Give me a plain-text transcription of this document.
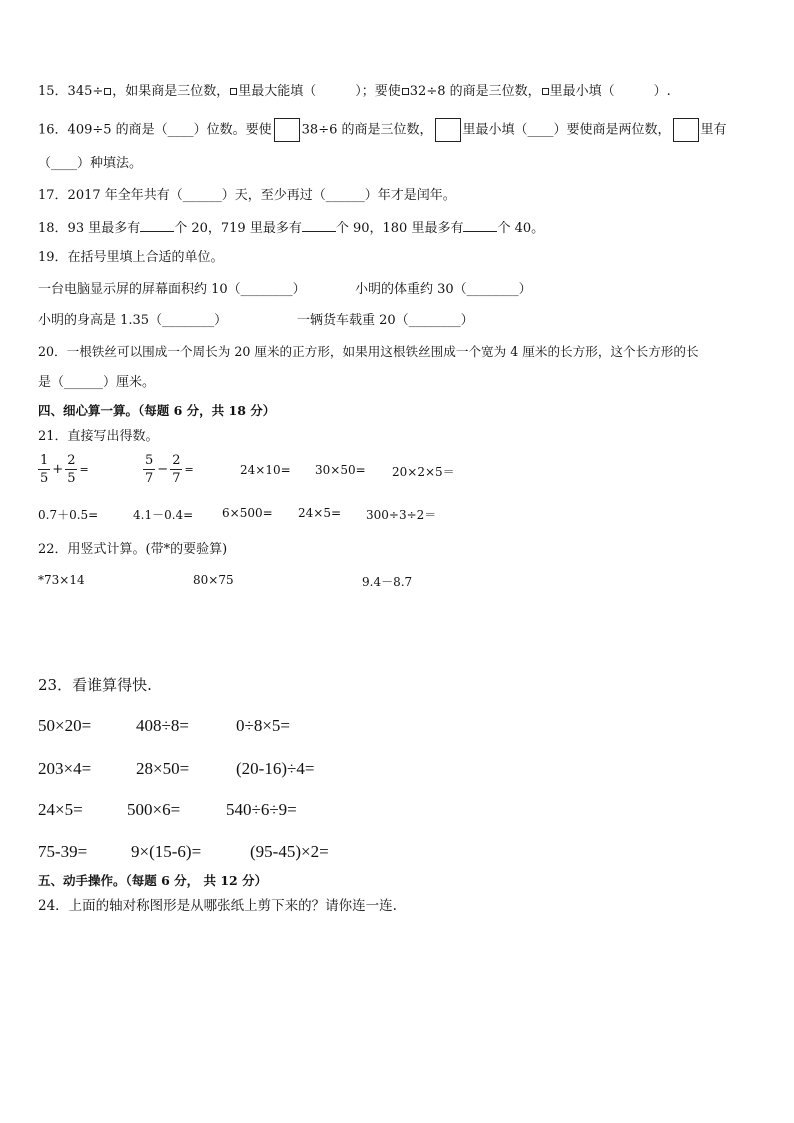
15．345÷ ，如果商是三位数， 里最大能填（　　　）；要使 32÷8 的商是三位数， 里最小填（　　　）.
16．409÷5 的商是（____）位数。要使 38÷6 的商是三位数， 里最小填（____）要使商是两位数， 里有
（____）种填法。
17．2017 年全年共有（______）天，至少再过（______）年才是闰年。
18．93 里最多有	个 20，719 里最多有	个 90，180 里最多有	个 40。
19．在括号里填上合适的单位。
一台电脑显示屏的屏幕面积约 10（________）	小明的体重约 30（________）
小明的身高是 1.35（________）	一辆货车载重 20（________）
20．一根铁丝可以围成一个周长为 20 厘米的正方形，如果用这根铁丝围成一个宽为 4 厘米的长方形，这个长方形的长
是（______）厘米。
四、细心算一算。（每题 6 分，共 18 分）
21．直接写出得数。
$\frac{1}{5} + \frac{2}{5}$ =	$\frac{5}{7} - \frac{2}{7}$ =	24×10= 30×50= 20×2×5＝
0.7＋0.5=	4.1－0.4= 6×500= 24×5= 300÷3÷2＝
22．用竖式计算。(带*的要验算)
*73×14	80×75	9.4－8.7
23．看谁算得快.
50×20=	408÷8=	0÷8×5=
203×4=	28×50=	(20-16)÷4=
24×5=	500×6=	540÷6÷9=
75-39=	9×(15-6)=	(95-45)×2=
五、动手操作。（每题 6 分， 共 12 分）
24．上面的轴对称图形是从哪张纸上剪下来的？请你连一连.
